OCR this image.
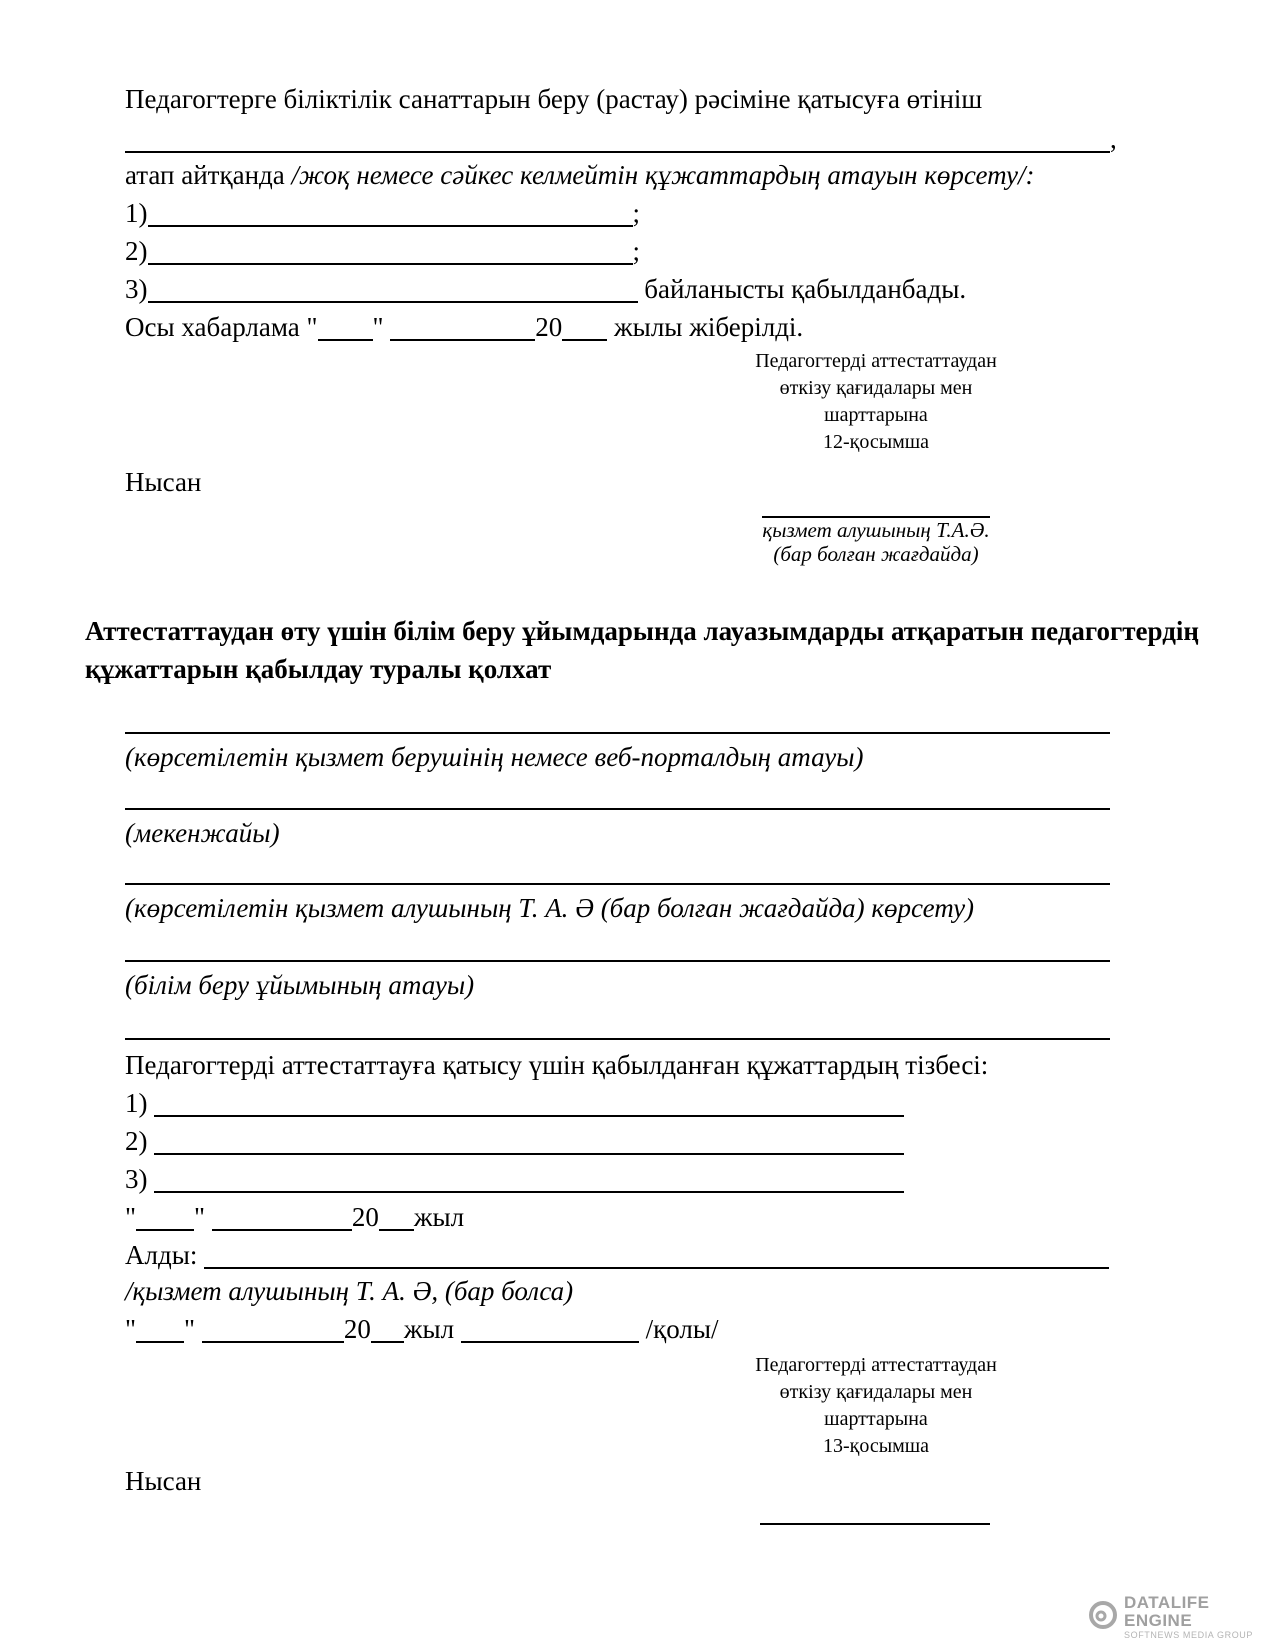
Педагогтерге біліктілік санаттарын беру (растау) рәсіміне қатысуға өтініш
,
атап айтқанда /жоқ немесе сәйкес келмейтін құжаттардың атауын көрсету/:
1)	;
2)	;
3)	байланысты қабылданбады.
Осы хабарлама " "	20 жылы жіберілді.
Педагогтерді аттестаттаудан
өткізу қағидалары мен
шарттарына
12-қосымша
Нысан
қызмет алушының Т.А.Ә.
(бар болған жағдайда)
Аттестаттаудан өту үшін білім беру ұйымдарында лауазымдарды атқаратын педагогтердің
құжаттарын қабылдау туралы қолхат
(көрсетілетін қызмет берушінің немесе веб-порталдың атауы)
(мекенжайы)
(көрсетілетін қызмет алушының Т. А. Ә (бар болған жағдайда) көрсету)
(білім беру ұйымының атауы)
Педагогтерді аттестаттауға қатысу үшін қабылданған құжаттардың тізбесі:
1)
2)
3)
" "	20 жыл
Алды:
/қызмет алушының Т. А. Ә, (бар болса)
" "	20 жыл	/қолы/
Педагогтерді аттестаттаудан
өткізу қағидалары мен
шарттарына
13-қосымша
Нысан
DATALIFE ENGINE
SOFTNEWS MEDIA GROUP
